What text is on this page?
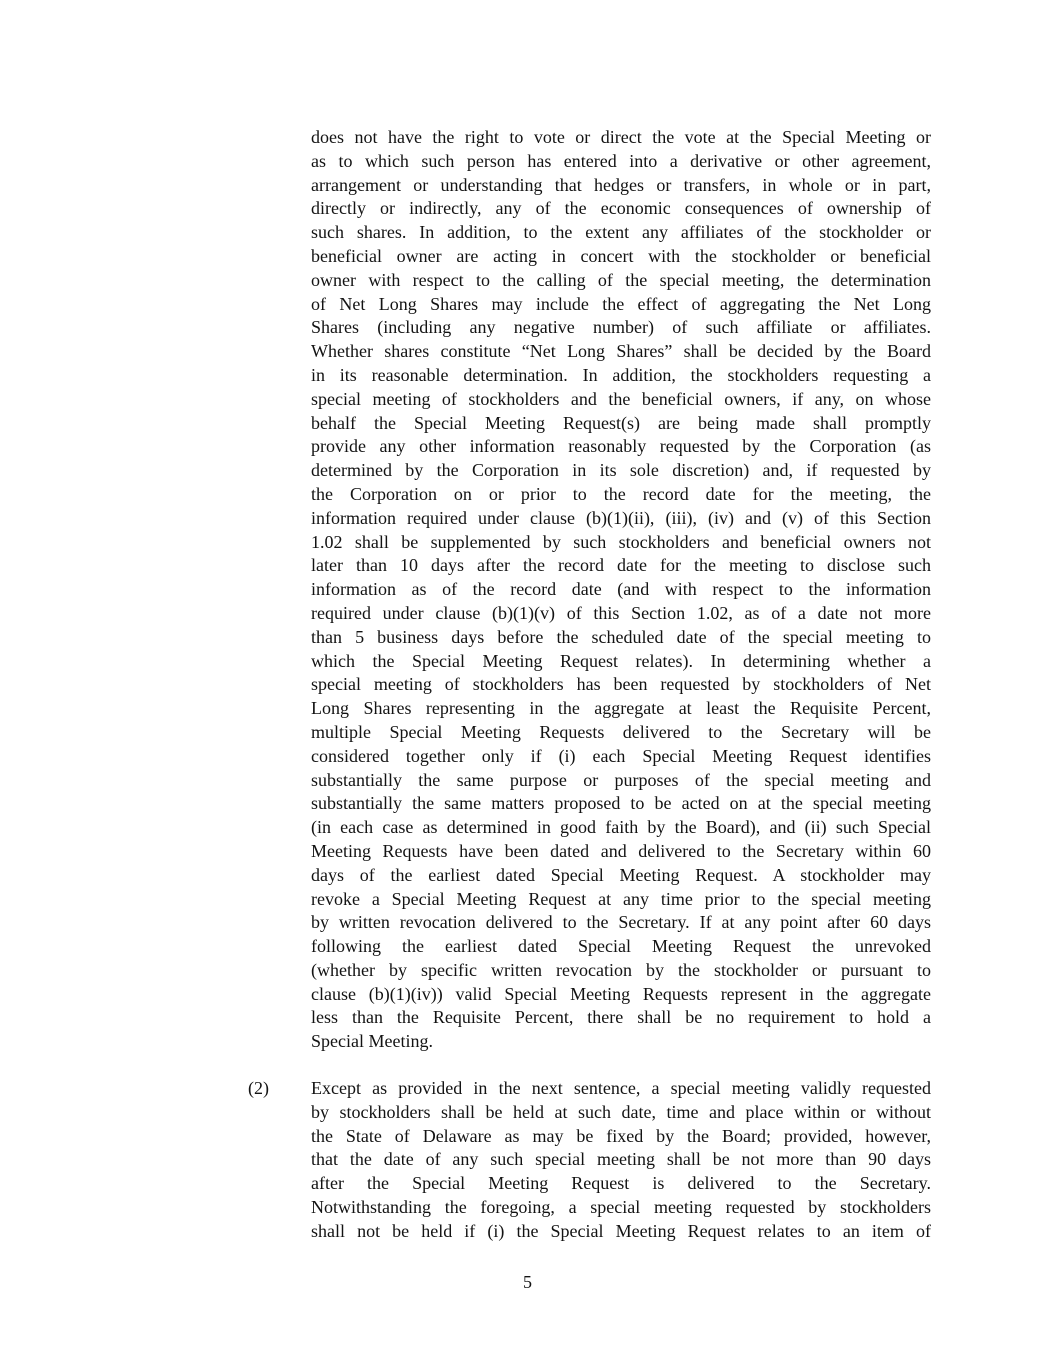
does not have the right to vote or direct the vote at the Special Meeting or
as to which such person has entered into a derivative or other agreement,
arrangement or understanding that hedges or transfers, in whole or in part,
directly or indirectly, any of the economic consequences of ownership of
such shares. In addition, to the extent any affiliates of the stockholder or
beneficial owner are acting in concert with the stockholder or beneficial
owner with respect to the calling of the special meeting, the determination
of Net Long Shares may include the effect of aggregating the Net Long
Shares (including any negative number) of such affiliate or affiliates.
Whether shares constitute “Net Long Shares” shall be decided by the Board
in its reasonable determination. In addition, the stockholders requesting a
special meeting of stockholders and the beneficial owners, if any, on whose
behalf the Special Meeting Request(s) are being made shall promptly
provide any other information reasonably requested by the Corporation (as
determined by the Corporation in its sole discretion) and, if requested by
the Corporation on or prior to the record date for the meeting, the
information required under clause (b)(1)(ii), (iii), (iv) and (v) of this Section
1.02 shall be supplemented by such stockholders and beneficial owners not
later than 10 days after the record date for the meeting to disclose such
information as of the record date (and with respect to the information
required under clause (b)(1)(v) of this Section 1.02, as of a date not more
than 5 business days before the scheduled date of the special meeting to
which the Special Meeting Request relates). In determining whether a
special meeting of stockholders has been requested by stockholders of Net
Long Shares representing in the aggregate at least the Requisite Percent,
multiple Special Meeting Requests delivered to the Secretary will be
considered together only if (i) each Special Meeting Request identifies
substantially the same purpose or purposes of the special meeting and
substantially the same matters proposed to be acted on at the special meeting
(in each case as determined in good faith by the Board), and (ii) such Special
Meeting Requests have been dated and delivered to the Secretary within 60
days of the earliest dated Special Meeting Request. A stockholder may
revoke a Special Meeting Request at any time prior to the special meeting
by written revocation delivered to the Secretary. If at any point after 60 days
following the earliest dated Special Meeting Request the unrevoked
(whether by specific written revocation by the stockholder or pursuant to
clause (b)(1)(iv)) valid Special Meeting Requests represent in the aggregate
less than the Requisite Percent, there shall be no requirement to hold a
Special Meeting.
(2)	Except as provided in the next sentence, a special meeting validly requested
by stockholders shall be held at such date, time and place within or without
the State of Delaware as may be fixed by the Board; provided, however,
that the date of any such special meeting shall be not more than 90 days
after the Special Meeting Request is delivered to the Secretary.
Notwithstanding the foregoing, a special meeting requested by stockholders
shall not be held if (i) the Special Meeting Request relates to an item of
5
